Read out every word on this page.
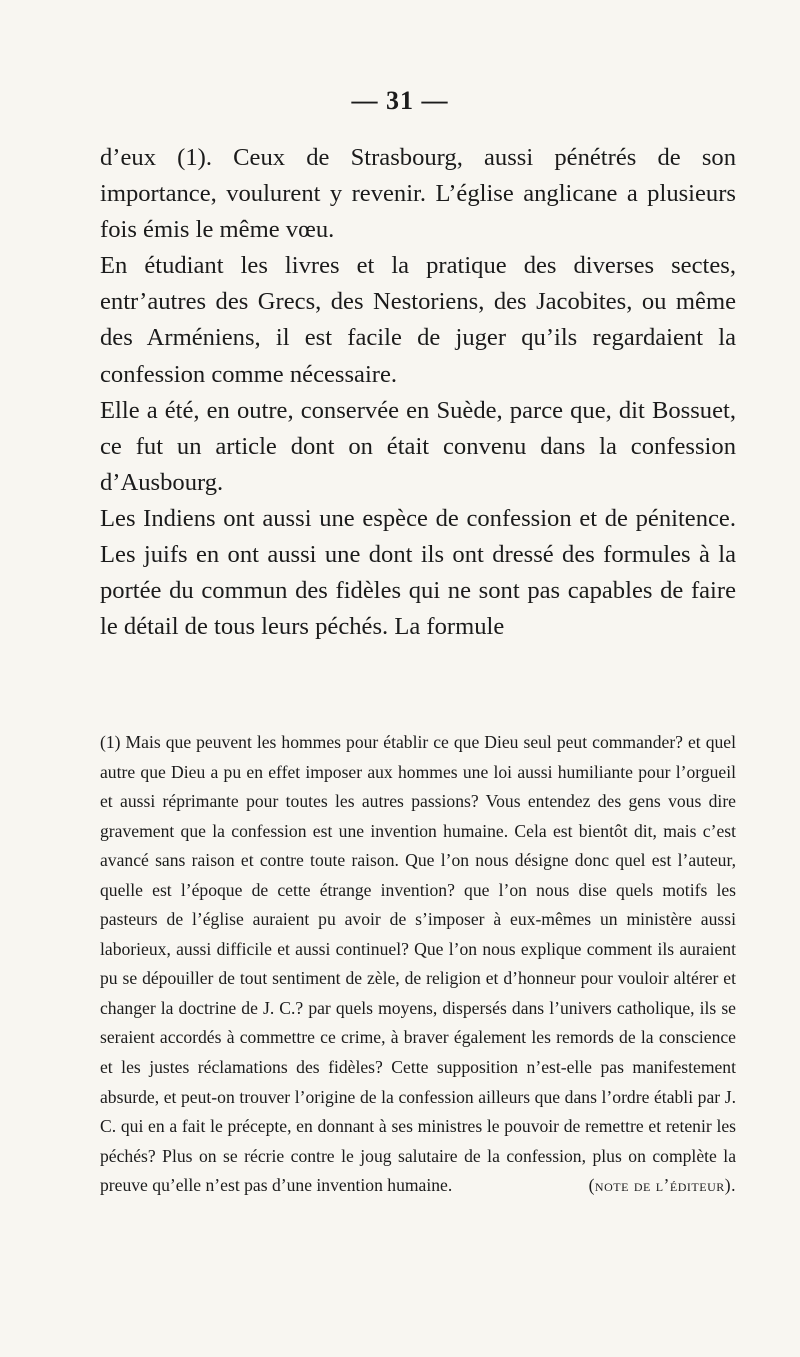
— 31 —

d’eux (1). Ceux de Strasbourg, aussi pénétrés de son importance, voulurent y revenir. L’église anglicane a plusieurs fois émis le même vœu.

En étudiant les livres et la pratique des diverses sectes, entr’autres des Grecs, des Nestoriens, des Jacobites, ou même des Arméniens, il est facile de juger qu’ils regardaient la confession comme nécessaire.

Elle a été, en outre, conservée en Suède, parce que, dit Bossuet, ce fut un article dont on était convenu dans la confession d’Ausbourg.

Les Indiens ont aussi une espèce de confession et de pénitence. Les juifs en ont aussi une dont ils ont dressé des formules à la portée du commun des fidèles qui ne sont pas capables de faire le détail de tous leurs péchés. La formule

(1) Mais que peuvent les hommes pour établir ce que Dieu seul peut commander? et quel autre que Dieu a pu en effet imposer aux hommes une loi aussi humiliante pour l’orgueil et aussi réprimante pour toutes les autres passions? Vous entendez des gens vous dire gravement que la confession est une invention humaine. Cela est bientôt dit, mais c’est avancé sans raison et contre toute raison. Que l’on nous désigne donc quel est l’auteur, quelle est l’époque de cette étrange invention? que l’on nous dise quels motifs les pasteurs de l’église auraient pu avoir de s’imposer à eux-mêmes un ministère aussi laborieux, aussi difficile et aussi continuel? Que l’on nous explique comment ils auraient pu se dépouiller de tout sentiment de zèle, de religion et d’honneur pour vouloir altérer et changer la doctrine de J. C.? par quels moyens, dispersés dans l’univers catholique, ils se seraient accordés à commettre ce crime, à braver également les remords de la conscience et les justes réclamations des fidèles? Cette supposition n’est-elle pas manifestement absurde, et peut-on trouver l’origine de la confession ailleurs que dans l’ordre établi par J. C. qui en a fait le précepte, en donnant à ses ministres le pouvoir de remettre et retenir les péchés? Plus on se récrie contre le joug salutaire de la confession, plus on complète la preuve qu’elle n’est pas d’une invention humaine.	(note de l’éditeur).
